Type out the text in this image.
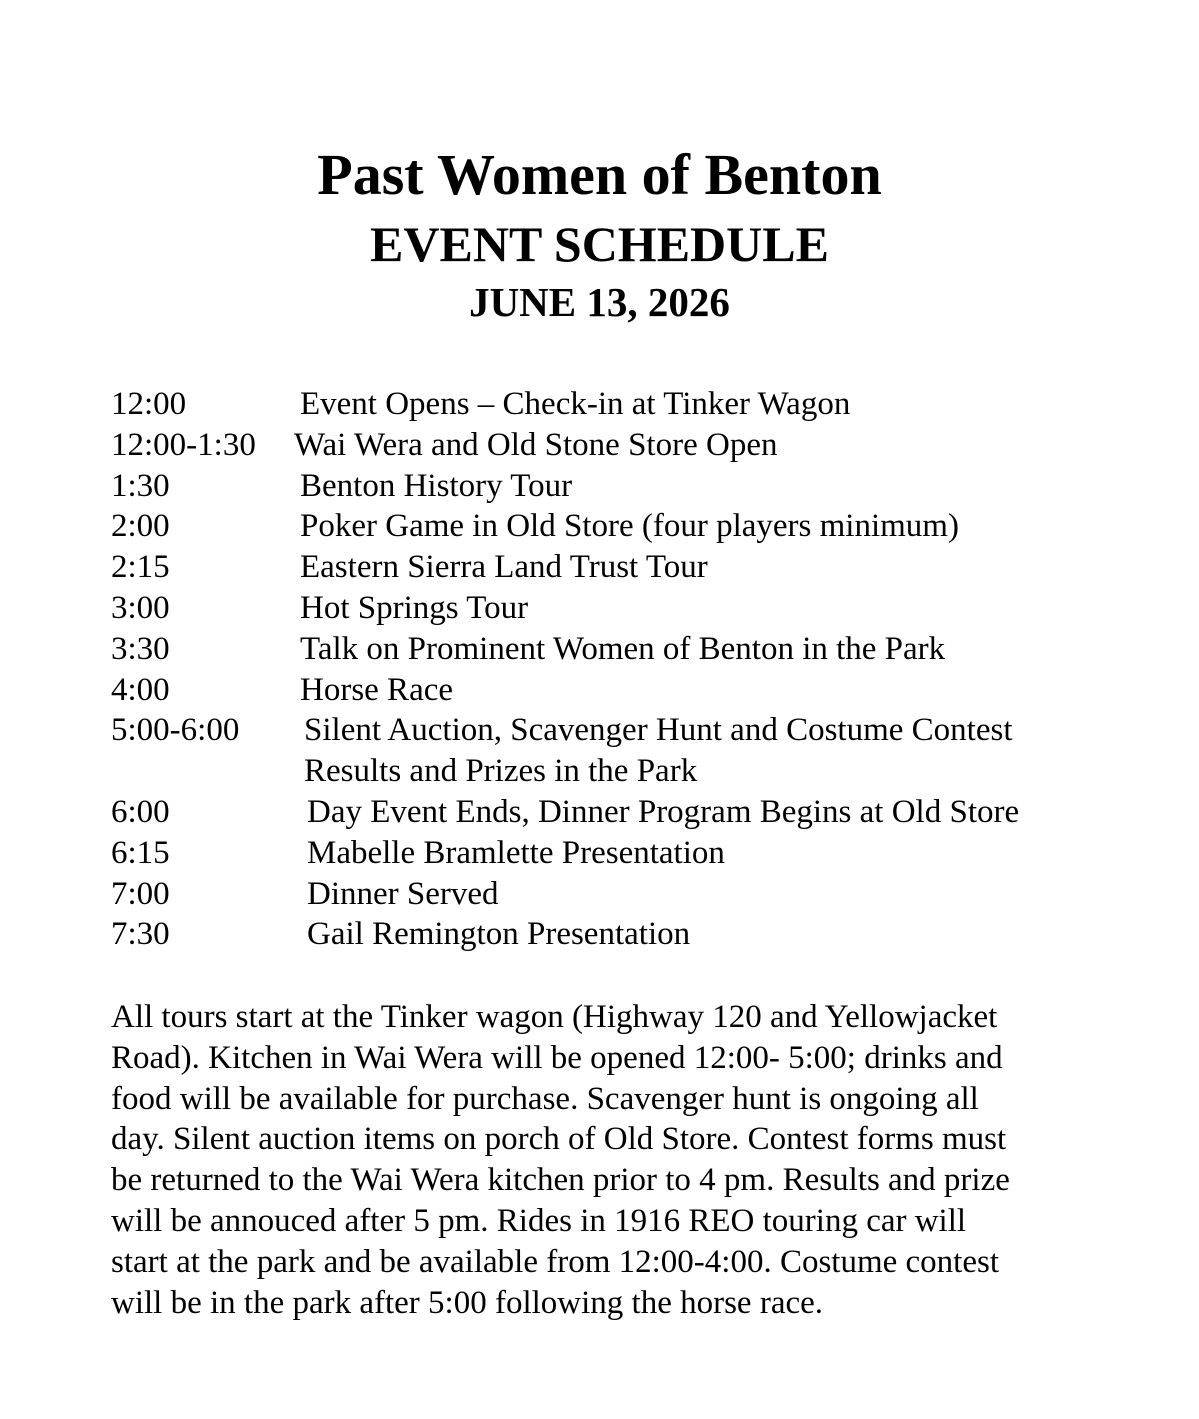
Past Women of Benton
EVENT SCHEDULE
JUNE 13, 2026
12:00	Event Opens – Check-in at Tinker Wagon
12:00-1:30 Wai Wera and Old Stone Store Open
1:30	Benton History Tour
2:00	Poker Game in Old Store (four players minimum)
2:15	Eastern Sierra Land Trust Tour
3:00	Hot Springs Tour
3:30	Talk on Prominent Women of Benton in the Park
4:00	Horse Race
5:00-6:00 Silent Auction, Scavenger Hunt and Costume Contest
Results and Prizes in the Park
6:00	Day Event Ends, Dinner Program Begins at Old Store
6:15	Mabelle Bramlette Presentation
7:00	Dinner Served
7:30	Gail Remington Presentation
All tours start at the Tinker wagon (Highway 120 and Yellowjacket
Road). Kitchen in Wai Wera will be opened 12:00- 5:00; drinks and
food will be available for purchase. Scavenger hunt is ongoing all
day. Silent auction items on porch of Old Store. Contest forms must
be returned to the Wai Wera kitchen prior to 4 pm. Results and prize
will be annouced after 5 pm. Rides in 1916 REO touring car will
start at the park and be available from 12:00-4:00. Costume contest
will be in the park after 5:00 following the horse race.
